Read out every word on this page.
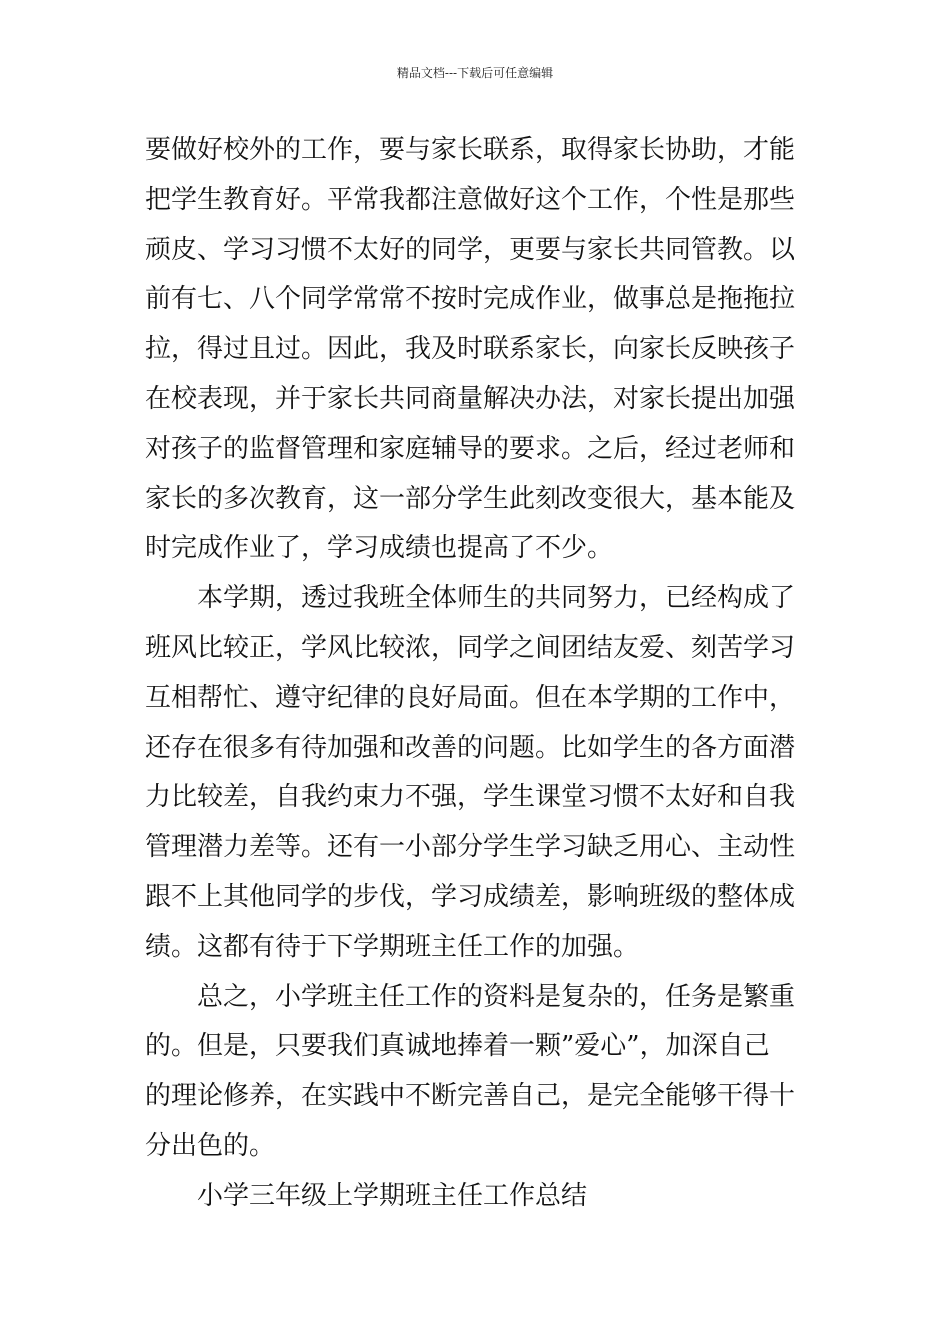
精品文档---下载后可任意编辑
要做好校外的工作，要与家长联系，取得家长协助，才能
把学生教育好。平常我都注意做好这个工作，个性是那些
顽皮、学习习惯不太好的同学，更要与家长共同管教。以
前有七、八个同学常常不按时完成作业，做事总是拖拖拉
拉，得过且过。因此，我及时联系家长，向家长反映孩子
在校表现，并于家长共同商量解决办法，对家长提出加强
对孩子的监督管理和家庭辅导的要求。之后，经过老师和
家长的多次教育，这一部分学生此刻改变很大，基本能及
时完成作业了，学习成绩也提高了不少。
本学期，透过我班全体师生的共同努力，已经构成了
班风比较正，学风比较浓，同学之间团结友爱、刻苦学习
互相帮忙、遵守纪律的良好局面。但在本学期的工作中，
还存在很多有待加强和改善的问题。比如学生的各方面潜
力比较差，自我约束力不强，学生课堂习惯不太好和自我
管理潜力差等。还有一小部分学生学习缺乏用心、主动性
跟不上其他同学的步伐，学习成绩差，影响班级的整体成
绩。这都有待于下学期班主任工作的加强。
总之，小学班主任工作的资料是复杂的，任务是繁重
的。但是，只要我们真诚地捧着一颗”爱心”，加深自己
的理论修养，在实践中不断完善自己，是完全能够干得十
分出色的。
小学三年级上学期班主任工作总结
